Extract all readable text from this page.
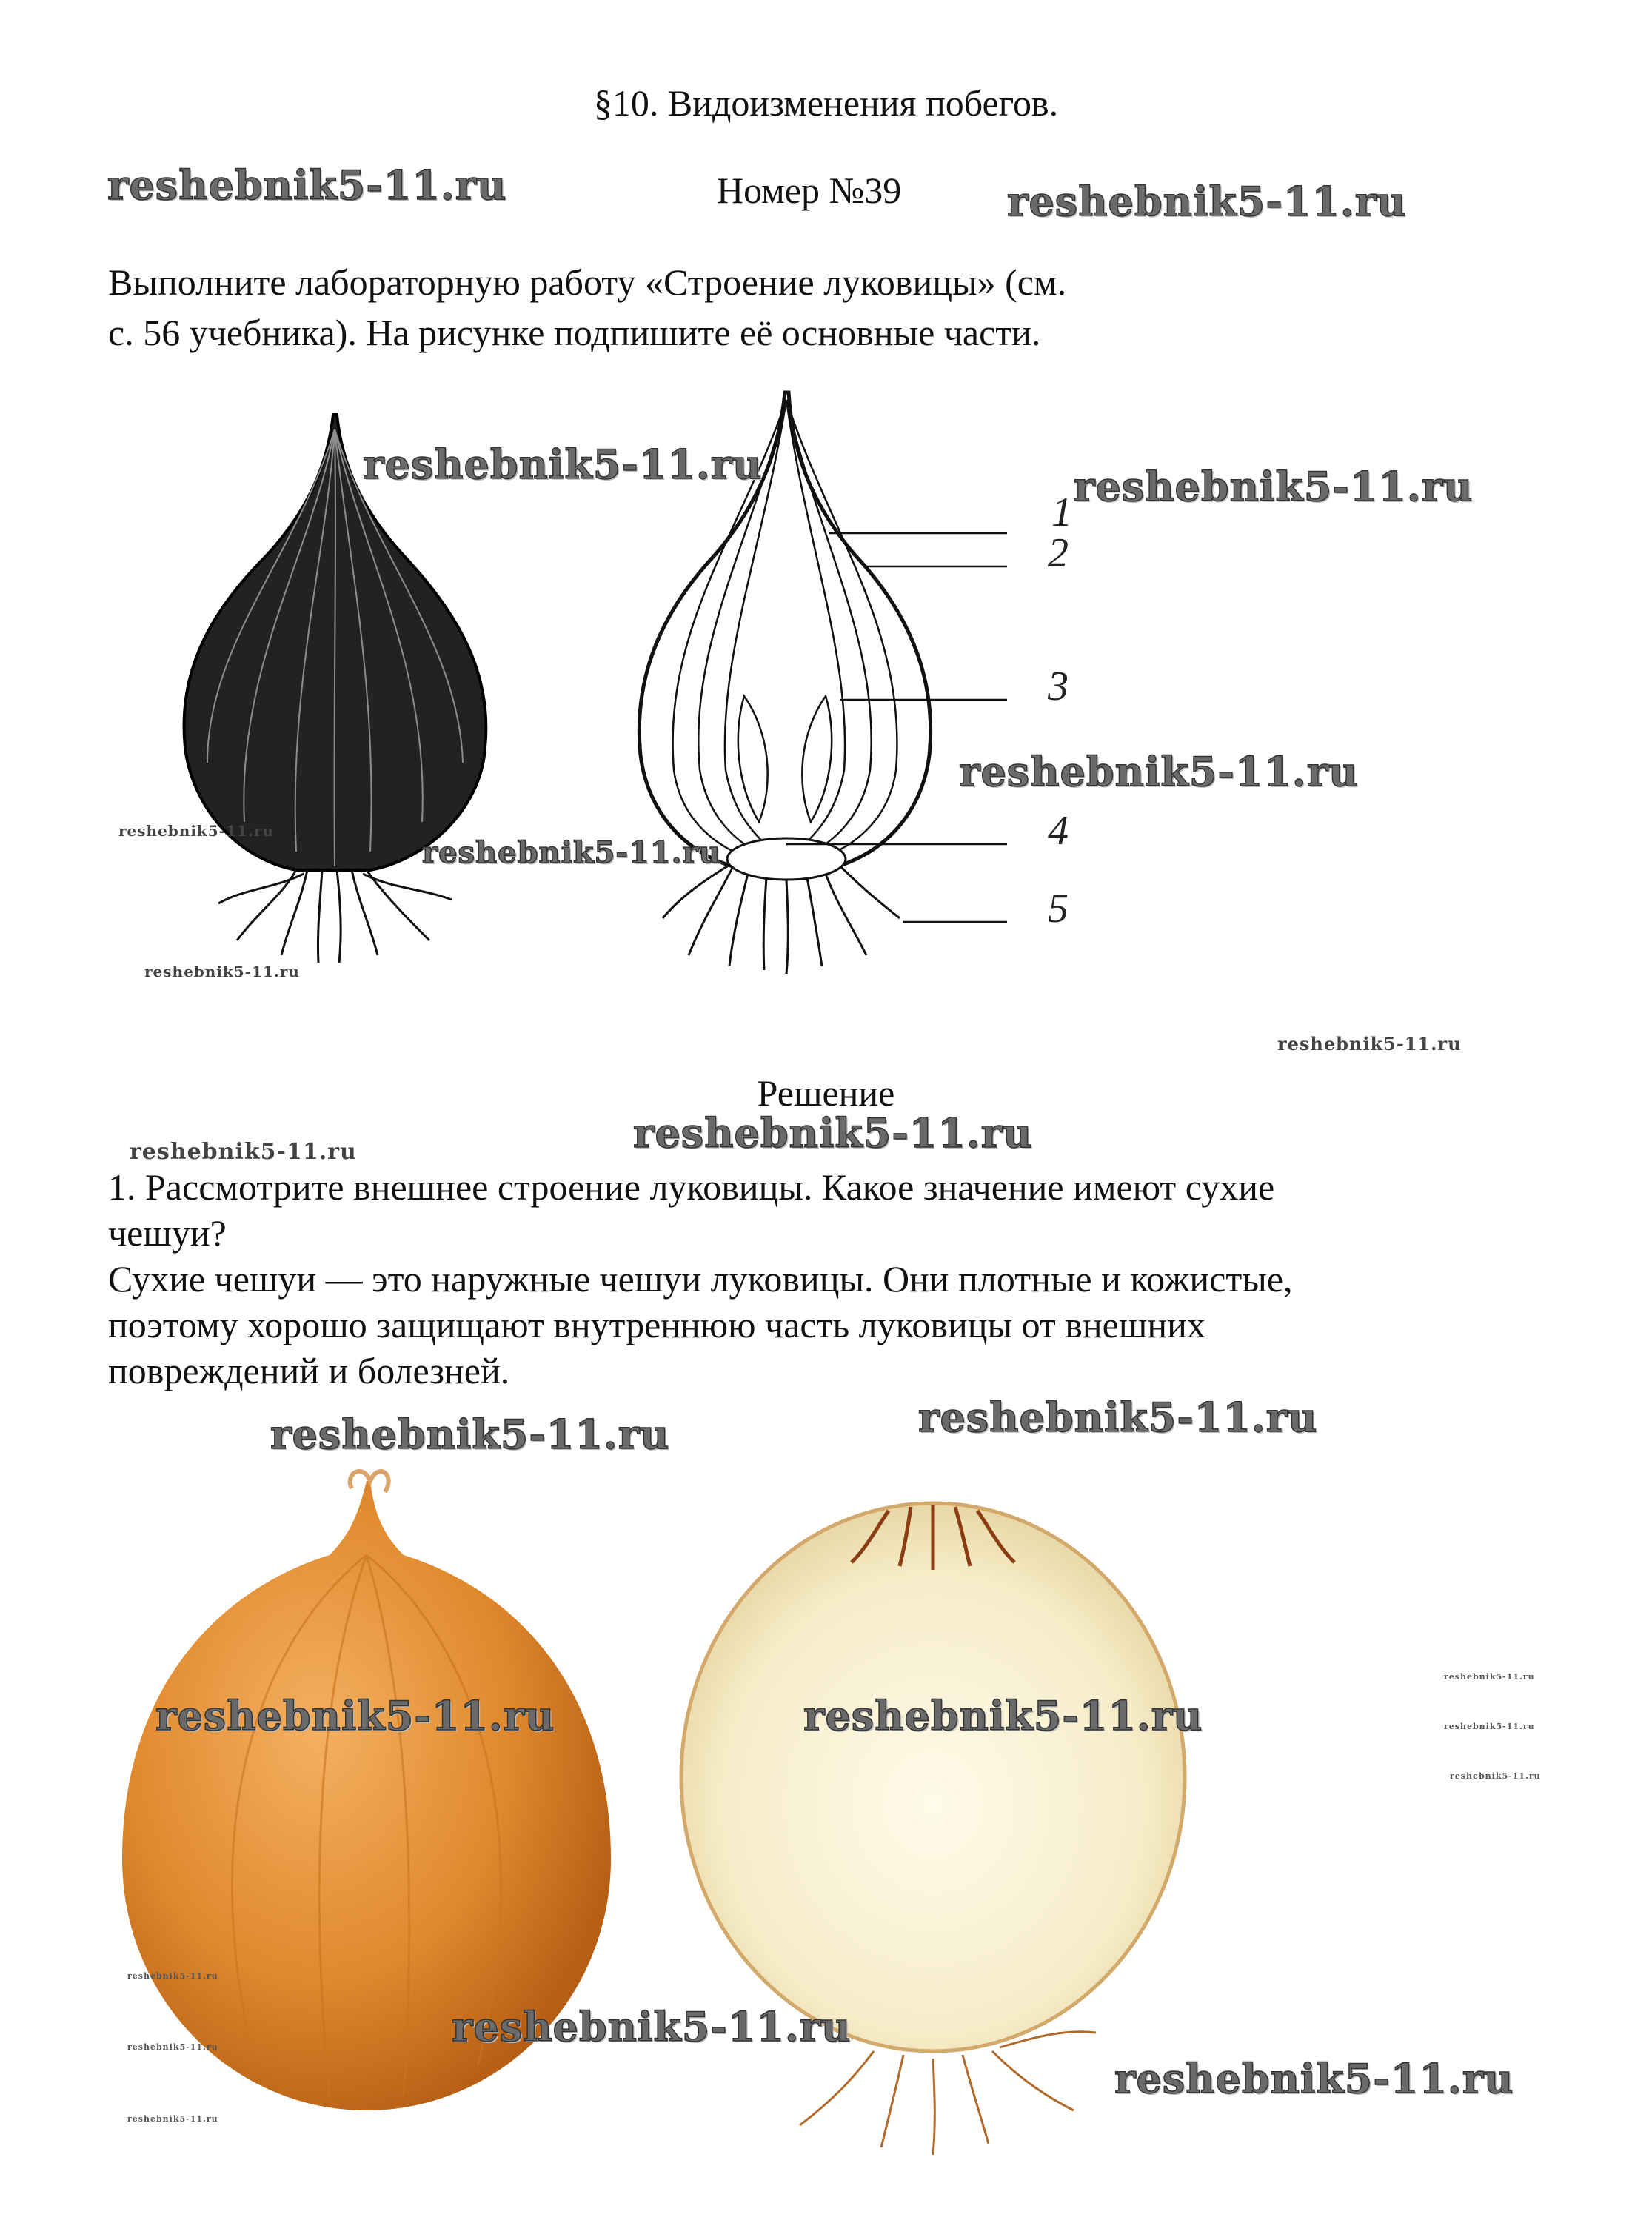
§10. Видоизменения побегов.
Номер №39
Выполните лабораторную работу «Строение луковицы» (см.
с. 56 учебника). На рисунке подпишите её основные части.
1
2
3
4
5
Решение
1. Рассмотрите внешнее строение луковицы. Какое значение имеют сухие
чешуи?
Сухие чешуи — это наружные чешуи луковицы. Они плотные и кожистые,
поэтому хорошо защищают внутреннюю часть луковицы от внешних
повреждений и болезней.
reshebnik5-11.ru	reshebnik5-11.ru
reshebnik5-11.ru	reshebnik5-11.ru
reshebnik5-11.ru
reshebnik5-11.ru
reshebnik5-11.ru
reshebnik5-11.ru
reshebnik5-11.ru
reshebnik5-11.ru
reshebnik5-11.ru
reshebnik5-11.ru
reshebnik5-11.ru
reshebnik5-11.ru	reshebnik5-11.ru
reshebnik5-11.ru
reshebnik5-11.ru
reshebnik5-11.ru
reshebnik5-11.ru
reshebnik5-11.ru
reshebnik5-11.ru
reshebnik5-11.ru
reshebnik5-11.ru
